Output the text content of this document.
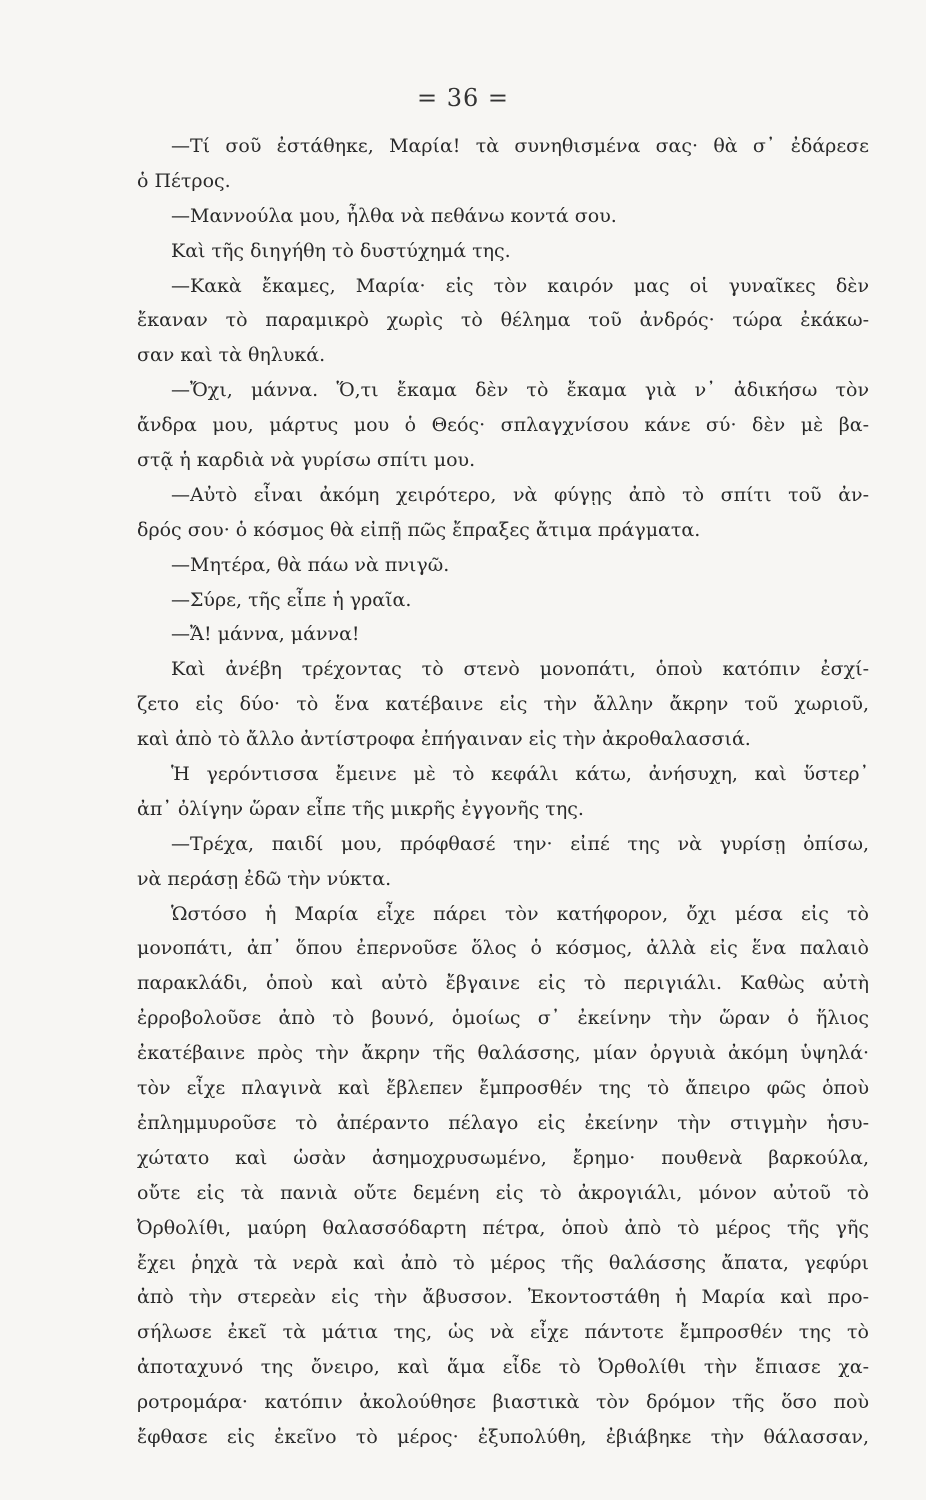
= 36 =
—Τί σοῦ ἐστάθηκε, Μαρία! τὰ συνηθισμένα σας· θὰ σ᾽ ἐδάρεσε
ὁ Πέτρος.
—Μαννούλα μου, ἦλθα νὰ πεθάνω κοντά σου.
Καὶ τῆς διηγήθη τὸ δυστύχημά της.
—Κακὰ ἔκαμες, Μαρία· εἰς τὸν καιρόν μας οἱ γυναῖκες δὲν
ἔκαναν τὸ παραμικρὸ χωρὶς τὸ θέλημα τοῦ ἀνδρός· τώρα ἐκάκω-
σαν καὶ τὰ θηλυκά.
—Ὄχι, μάννα. Ὅ,τι ἔκαμα δὲν τὸ ἔκαμα γιὰ ν᾽ ἀδικήσω τὸν
ἄνδρα μου, μάρτυς μου ὁ Θεός· σπλαγχνίσου κάνε σύ· δὲν μὲ βα-
στᾷ ἡ καρδιὰ νὰ γυρίσω σπίτι μου.
—Αὐτὸ εἶναι ἀκόμη χειρότερο, νὰ φύγῃς ἀπὸ τὸ σπίτι τοῦ ἀν-
δρός σου· ὁ κόσμος θὰ εἰπῇ πῶς ἔπραξες ἄτιμα πράγματα.
—Μητέρα, θὰ πάω νὰ πνιγῶ.
—Σύρε, τῆς εἶπε ἡ γραῖα.
—Ἄ! μάννα, μάννα!
Καὶ ἀνέβη τρέχοντας τὸ στενὸ μονοπάτι, ὁποὺ κατόπιν ἐσχί-
ζετο εἰς δύο· τὸ ἕνα κατέβαινε εἰς τὴν ἄλλην ἄκρην τοῦ χωριοῦ,
καὶ ἀπὸ τὸ ἄλλο ἀντίστροφα ἐπήγαιναν εἰς τὴν ἀκροθαλασσιά.
Ἡ γερόντισσα ἔμεινε μὲ τὸ κεφάλι κάτω, ἀνήσυχη, καὶ ὕστερ᾽
ἀπ᾽ ὀλίγην ὥραν εἶπε τῆς μικρῆς ἐγγονῆς της.
—Τρέχα, παιδί μου, πρόφθασέ την· εἰπέ της νὰ γυρίσῃ ὀπίσω,
νὰ περάσῃ ἐδῶ τὴν νύκτα.
Ὡστόσο ἡ Μαρία εἶχε πάρει τὸν κατήφορον, ὄχι μέσα εἰς τὸ
μονοπάτι, ἀπ᾽ ὅπου ἐπερνοῦσε ὅλος ὁ κόσμος, ἀλλὰ εἰς ἕνα παλαιὸ
παρακλάδι, ὁποὺ καὶ αὐτὸ ἔβγαινε εἰς τὸ περιγιάλι. Καθὼς αὐτὴ
ἐρροβολοῦσε ἀπὸ τὸ βουνό, ὁμοίως σ᾽ ἐκείνην τὴν ὥραν ὁ ἥλιος
ἐκατέβαινε πρὸς τὴν ἄκρην τῆς θαλάσσης, μίαν ὀργυιὰ ἀκόμη ὑψηλά·
τὸν εἶχε πλαγινὰ καὶ ἔβλεπεν ἔμπροσθέν της τὸ ἄπειρο φῶς ὁποὺ
ἐπλημμυροῦσε τὸ ἀπέραντο πέλαγο εἰς ἐκείνην τὴν στιγμὴν ἡσυ-
χώτατο καὶ ὡσὰν ἀσημοχρυσωμένο, ἔρημο· πουθενὰ βαρκούλα,
οὔτε εἰς τὰ πανιὰ οὔτε δεμένη εἰς τὸ ἀκρογιάλι, μόνον αὐτοῦ τὸ
Ὀρθολίθι, μαύρη θαλασσόδαρτη πέτρα, ὁποὺ ἀπὸ τὸ μέρος τῆς γῆς
ἔχει ῥηχὰ τὰ νερὰ καὶ ἀπὸ τὸ μέρος τῆς θαλάσσης ἄπατα, γεφύρι
ἀπὸ τὴν στερεὰν εἰς τὴν ἄβυσσον. Ἐκοντοστάθη ἡ Μαρία καὶ προ-
σήλωσε ἐκεῖ τὰ μάτια της, ὡς νὰ εἶχε πάντοτε ἔμπροσθέν της τὸ
ἀποταχυνό της ὄνειρο, καὶ ἅμα εἶδε τὸ Ὀρθολίθι τὴν ἔπιασε χα-
ροτρομάρα· κατόπιν ἀκολούθησε βιαστικὰ τὸν δρόμον τῆς ὅσο ποὺ
ἔφθασε εἰς ἐκεῖνο τὸ μέρος· ἐξυπολύθη, ἐβιάβηκε τὴν θάλασσαν,
